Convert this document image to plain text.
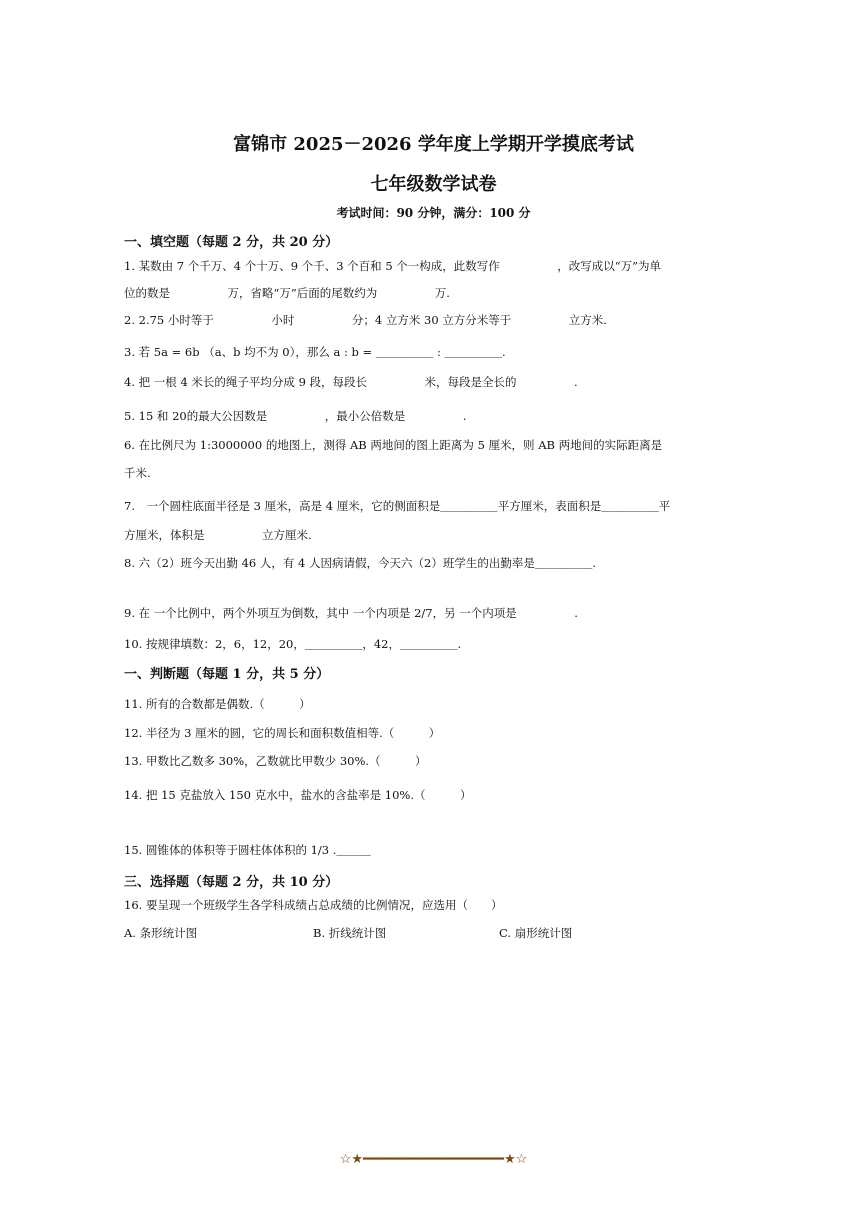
富锦市 2025－2026 学年度上学期开学摸底考试
七年级数学试卷
考试时间：90 分钟，满分：100 分
一、填空题（每题 2 分，共 20 分）
1. 某数由 7 个千万、4 个十万、9 个千、3 个百和 5 个一构成，此数写作　　　　　，改写成以“万”为单
位的数是　　　　　万，省略“万”后面的尾数约为　　　　　万.
2. 2.75 小时等于　　　　　小时　　　　　分；4 立方米 30 立方分米等于　　　　　立方米.
3. 若 5a = 6b （a、b 均不为 0），那么 a : b = ＿＿＿＿＿ : ＿＿＿＿＿.
4. 把 一根 4 米长的绳子平均分成 9 段，每段长　　　　　米，每段是全长的　　　　　.
5. 15 和 20的最大公因数是　　　　　，最小公倍数是　　　　　.
6. 在比例尺为 1:3000000 的地图上，测得 AB 两地间的图上距离为 5 厘米，则 AB 两地间的实际距离是
千米.
7.　一个圆柱底面半径是 3 厘米，高是 4 厘米，它的侧面积是＿＿＿＿＿平方厘米，表面积是＿＿＿＿＿平
方厘米，体积是　　　　　立方厘米.
8. 六（2）班今天出勤 46 人，有 4 人因病请假，今天六（2）班学生的出勤率是＿＿＿＿＿.
9. 在 一个比例中，两个外项互为倒数，其中 一个内项是 2/7，另 一个内项是　　　　　.
10. 按规律填数：2，6，12，20，＿＿＿＿＿，42，＿＿＿＿＿.
一、判断题（每题 1 分，共 5 分）
11. 所有的合数都是偶数.（　　　）
12. 半径为 3 厘米的圆，它的周长和面积数值相等.（　　　）
13. 甲数比乙数多 30%，乙数就比甲数少 30%.（　　　）
14. 把 15 克盐放入 150 克水中，盐水的含盐率是 10%.（　　　）
15. 圆锥体的体积等于圆柱体体积的 1/3 .＿＿＿
三、选择题（每题 2 分，共 10 分）
16. 要呈现一个班级学生各学科成绩占总成绩的比例情况，应选用（　　）
A. 条形统计图	B. 折线统计图	C. 扇形统计图
☆★━━━━━━━━━━━━━━━━━━★☆
